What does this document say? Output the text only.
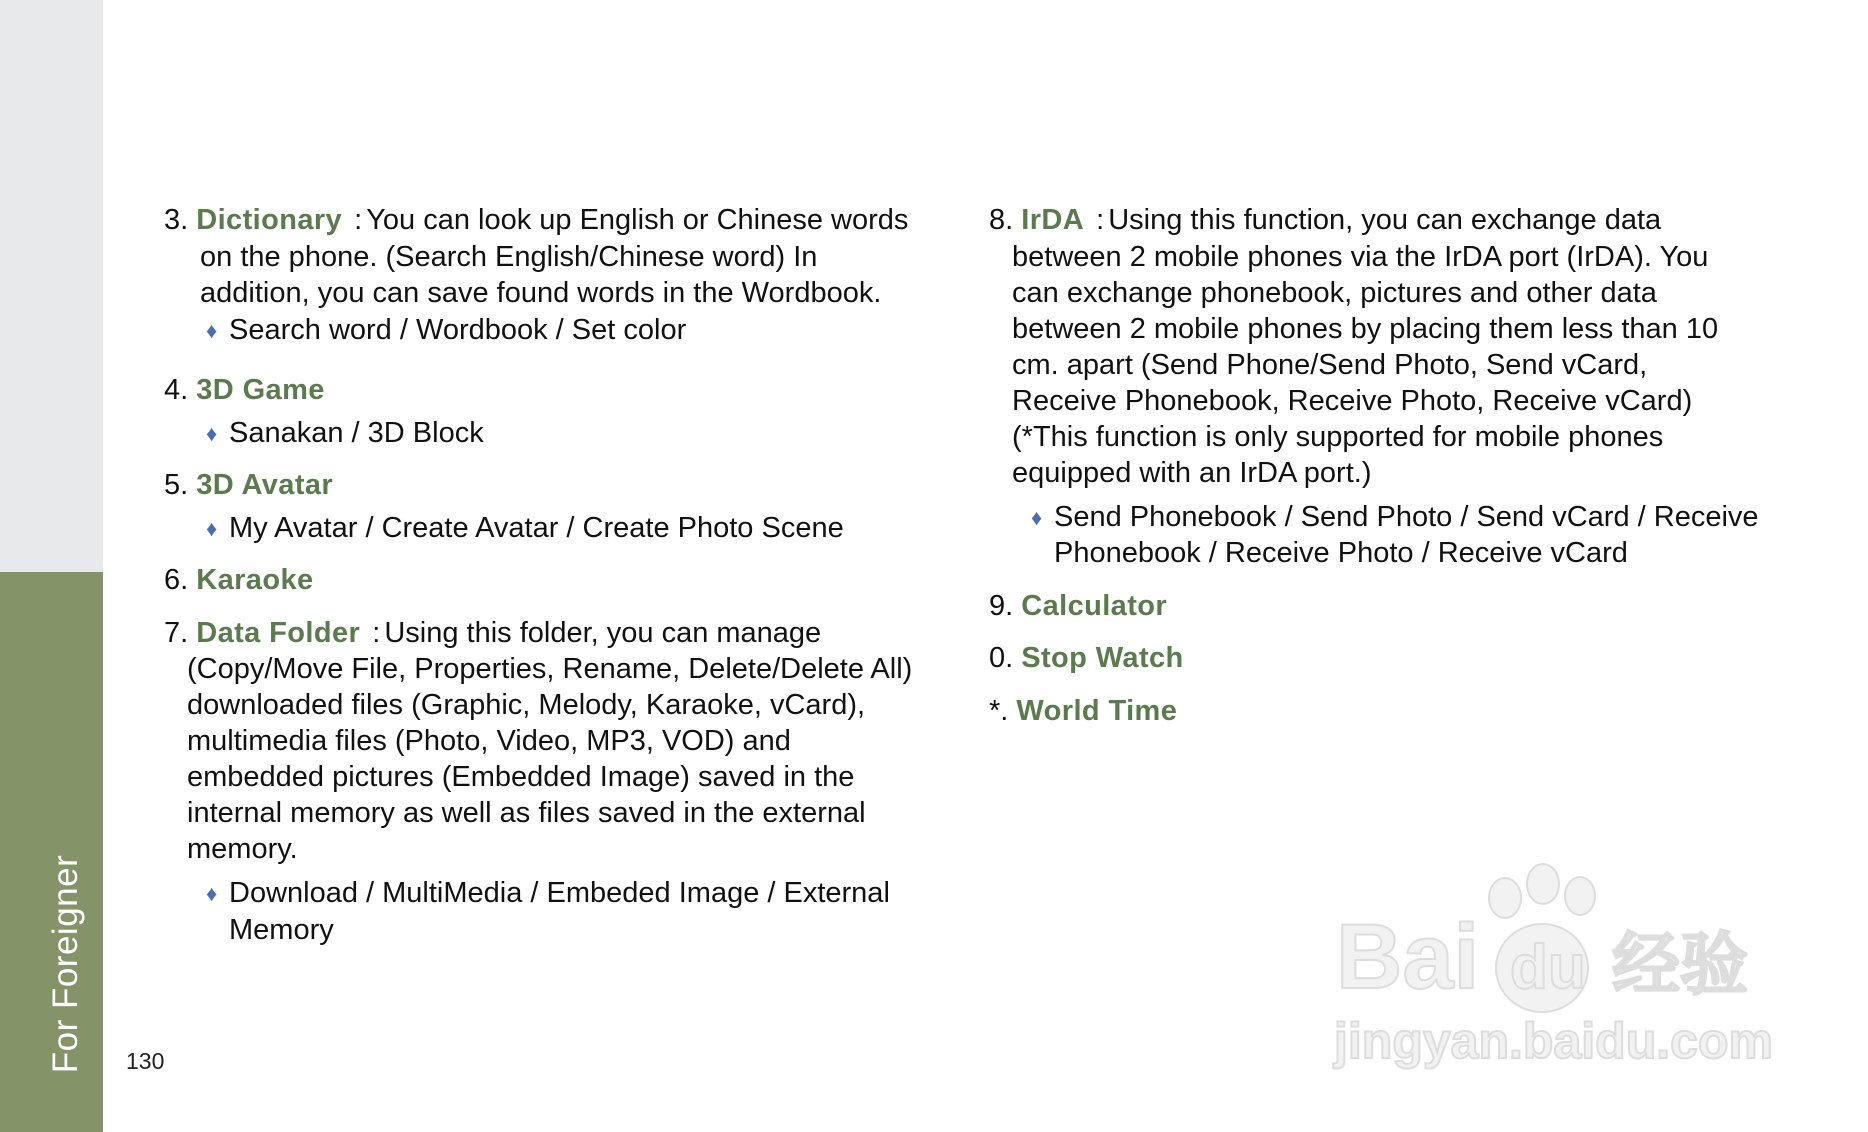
For Foreigner 130
3. Dictionary : You can look up English or Chinese words
on the phone. (Search English/Chinese word) In
addition, you can save found words in the Wordbook.
♦ Search word / Wordbook / Set color
4. 3D Game
♦ Sanakan / 3D Block
5. 3D Avatar
♦ My Avatar / Create Avatar / Create Photo Scene
6. Karaoke
7. Data Folder : Using this folder, you can manage
(Copy/Move File, Properties, Rename, Delete/Delete All)
downloaded files (Graphic, Melody, Karaoke, vCard),
multimedia files (Photo, Video, MP3, VOD) and
embedded pictures (Embedded Image) saved in the
internal memory as well as files saved in the external
memory.
♦ Download / MultiMedia / Embeded Image / External
Memory
8. IrDA : Using this function, you can exchange data
between 2 mobile phones via the IrDA port (IrDA). You
can exchange phonebook, pictures and other data
between 2 mobile phones by placing them less than 10
cm. apart (Send Phone/Send Photo, Send vCard,
Receive Phonebook, Receive Photo, Receive vCard)
(*This function is only supported for mobile phones
equipped with an IrDA port.)
♦ Send Phonebook / Send Photo / Send vCard / Receive
Phonebook / Receive Photo / Receive vCard
9. Calculator
0. Stop Watch
*. World Time
Bai du 经验
jingyan.baidu.com
